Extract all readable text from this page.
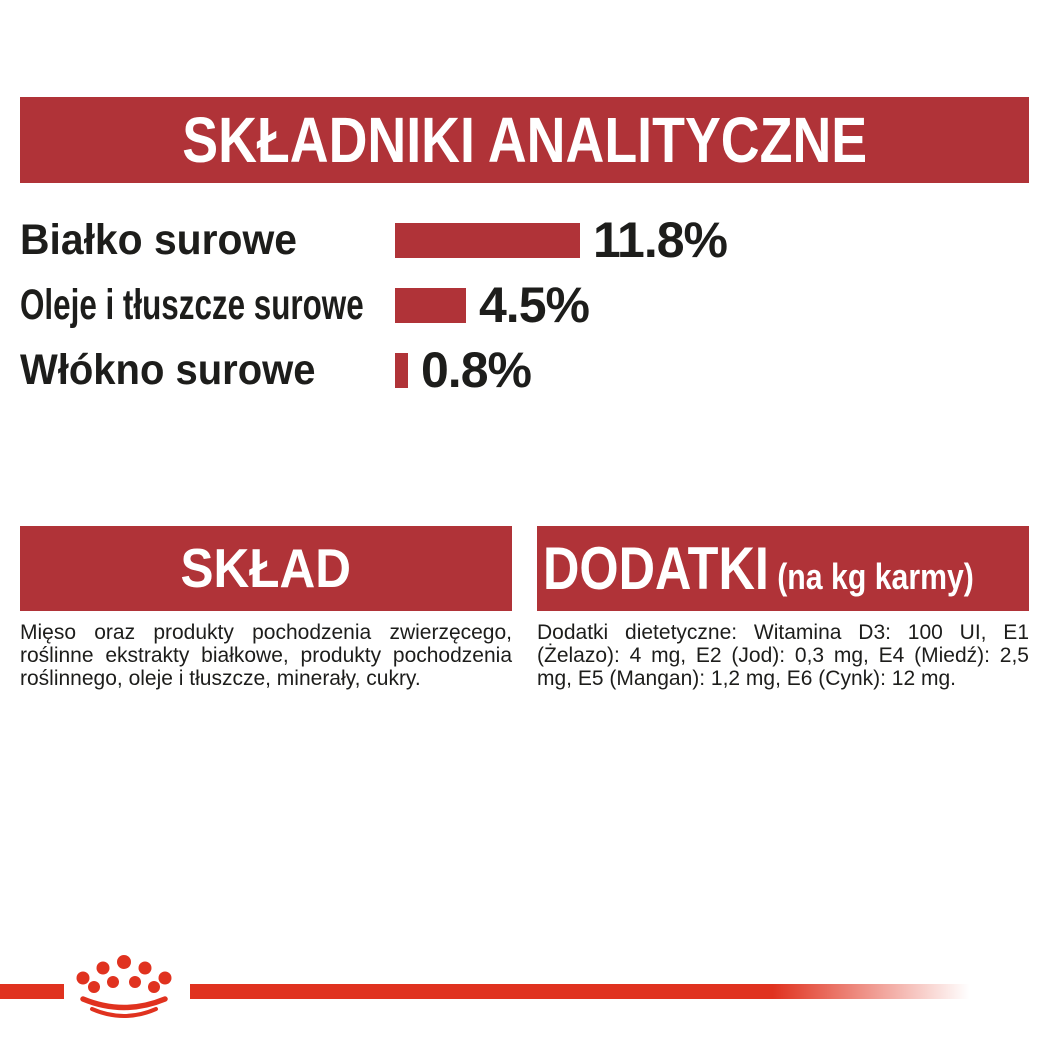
SKŁADNIKI ANALITYCZNE
Białko surowe	11.8%
Oleje i tłuszcze surowe 4.5%
Włókno surowe	0.8%
SKŁAD

Mięso oraz produkty pochodzenia zwierzęcego, roślinne ekstrakty białkowe, produkty pochodzenia roślinnego, oleje i tłuszcze, minerały, cukry.

DODATKI (na kg karmy)

Dodatki dietetyczne: Witamina D3: 100 UI, E1 (Żelazo): 4 mg, E2 (Jod): 0,3 mg, E4 (Miedź): 2,5 mg, E5 (Mangan): 1,2 mg, E6 (Cynk): 12 mg.
